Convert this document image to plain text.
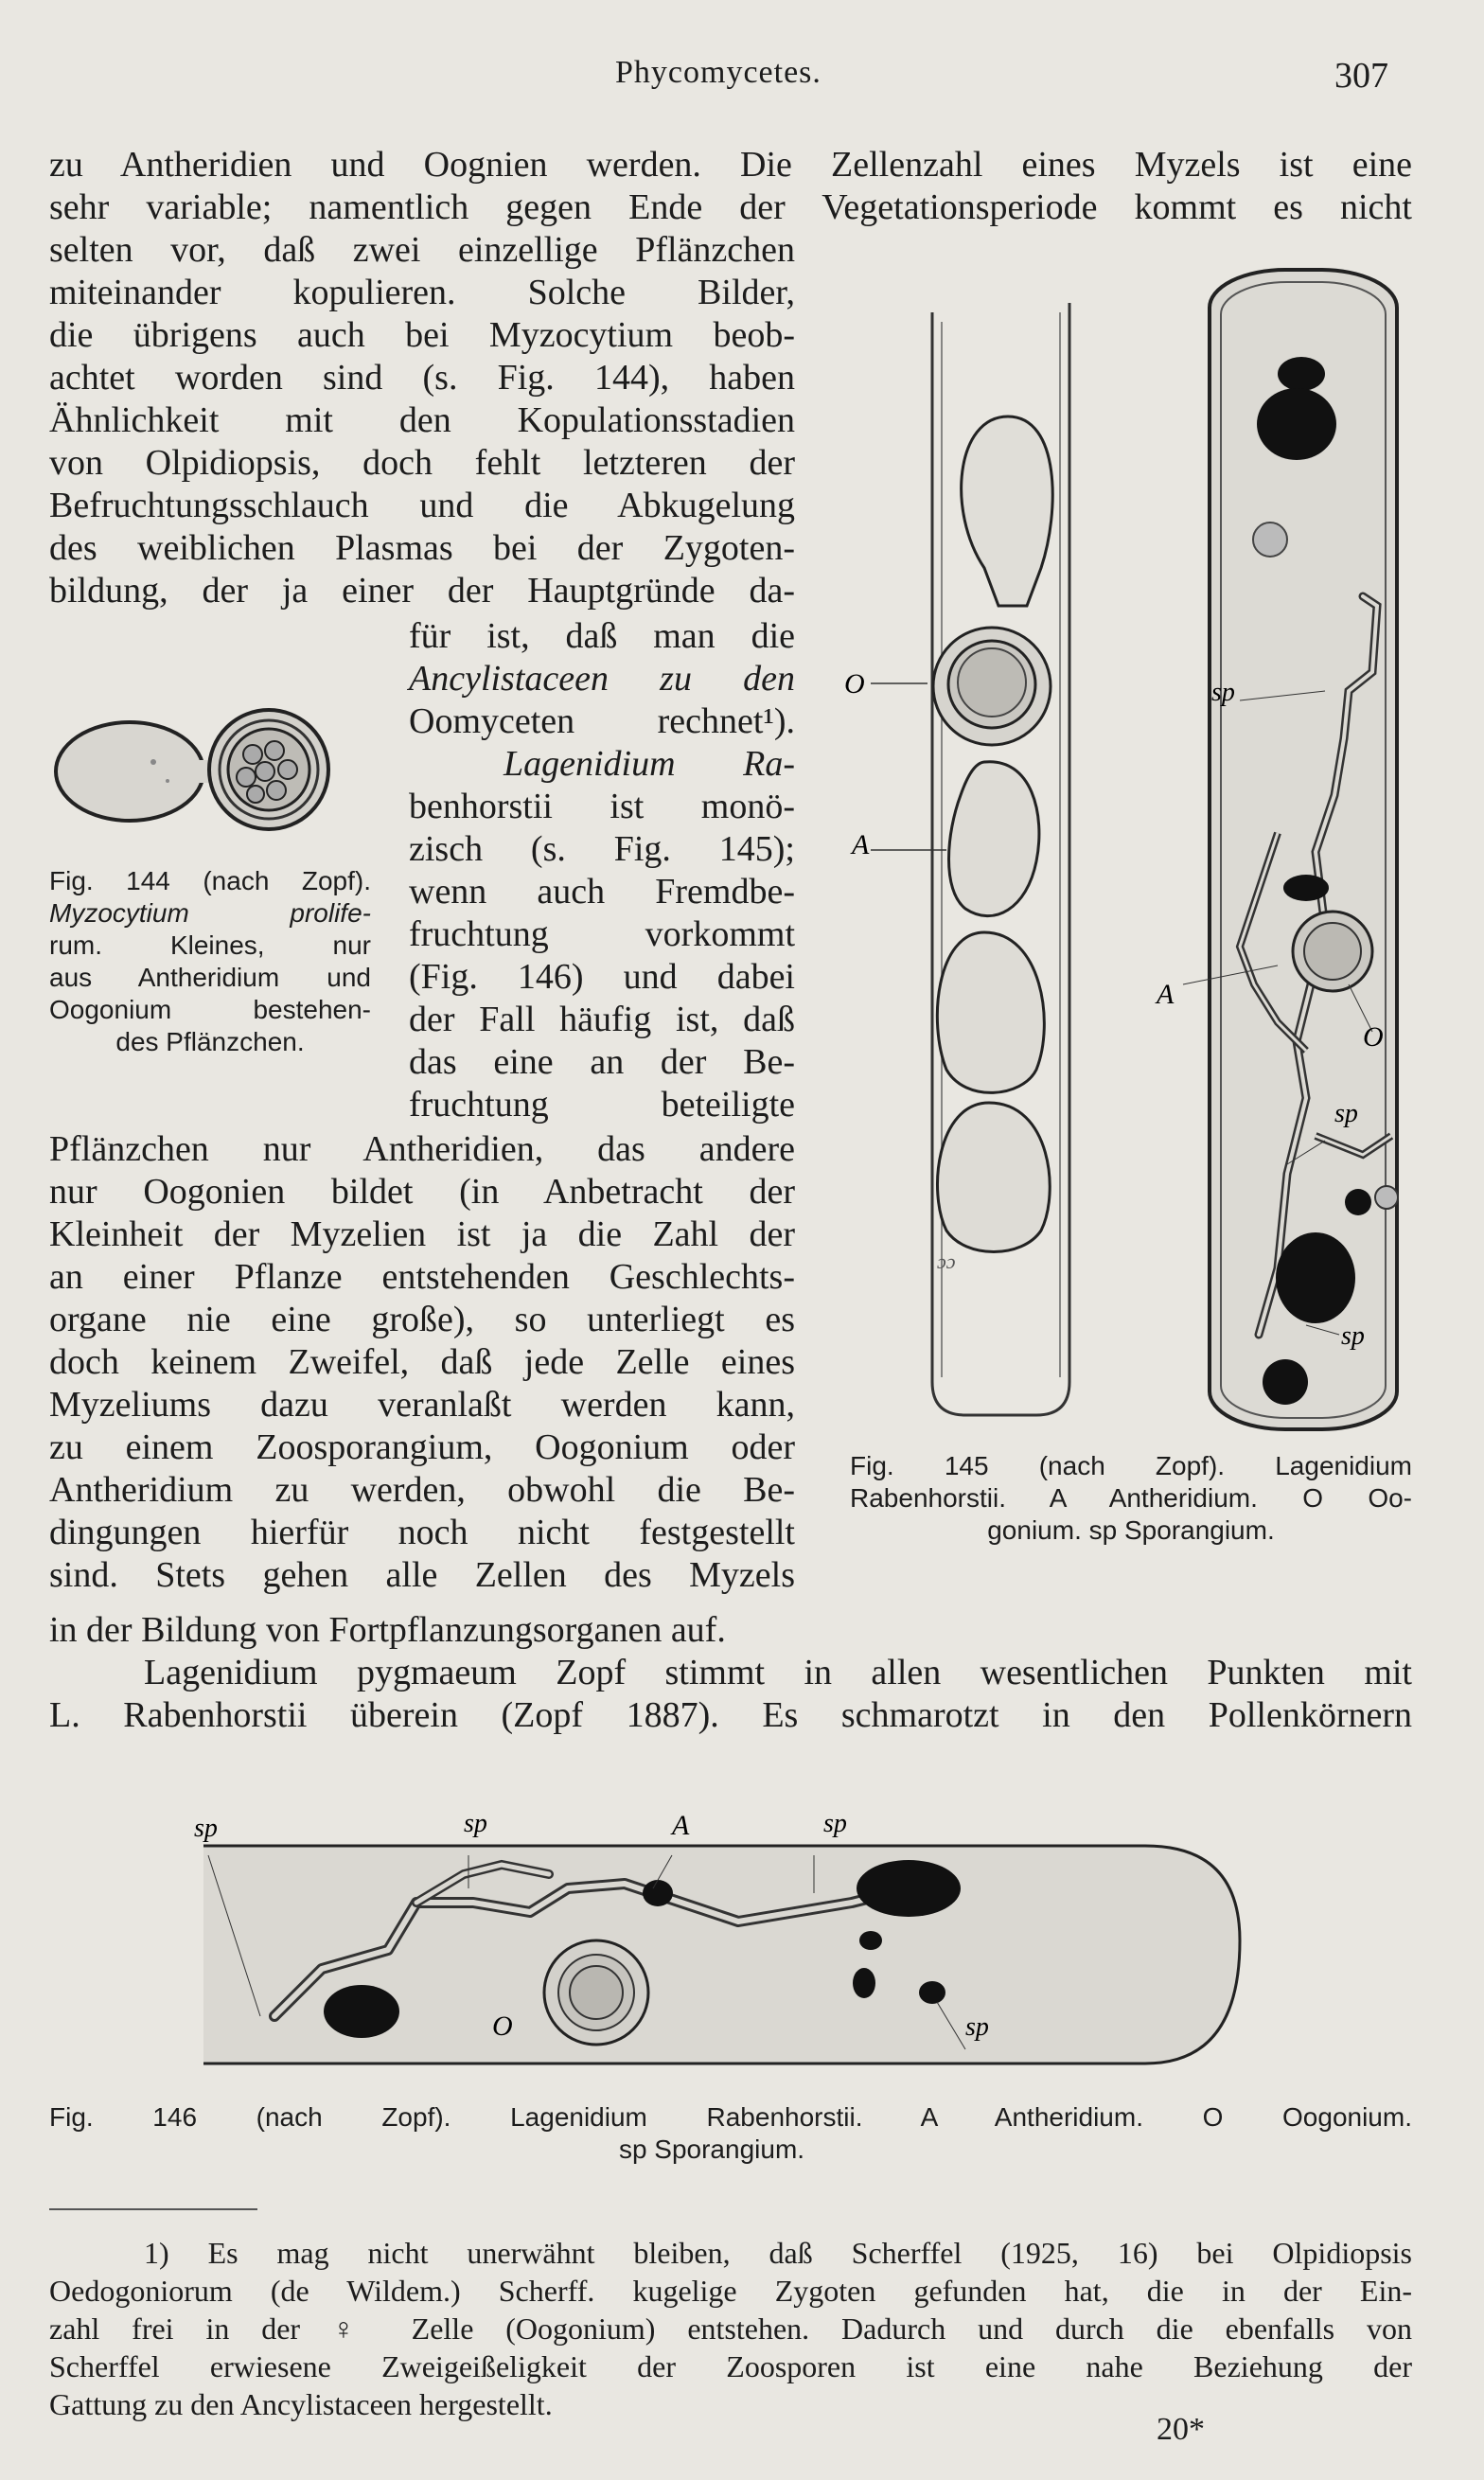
Phycomycetes.	307
zu Antheridien und Oognien werden. Die Zellenzahl eines Myzels ist eine
sehr variable; namentlich gegen Ende der Vegetationsperiode kommt es nicht
selten vor, daß zwei einzellige Pflänzchen
miteinander kopulieren. Solche Bilder,
die übrigens auch bei Myzocytium beob-
achtet worden sind (s. Fig. 144), haben
Ähnlichkeit mit den Kopulationsstadien
von Olpidiopsis, doch fehlt letzteren der
Befruchtungsschlauch und die Abkugelung
des weiblichen Plasmas bei der Zygoten-
bildung, der ja einer der Hauptgründe da-
für ist, daß man die
Ancylistaceen zu den
Oomyceten rechnet¹).
Lagenidium Ra-
benhorstii ist monö-
zisch (s. Fig. 145);
wenn auch Fremdbe-
fruchtung vorkommt
(Fig. 146) und dabei
der Fall häufig ist, daß
das eine an der Be-
fruchtung beteiligte
Pflänzchen nur Antheridien, das andere
nur Oogonien bildet (in Anbetracht der
Kleinheit der Myzelien ist ja die Zahl der
an einer Pflanze entstehenden Geschlechts-
organe nie eine große), so unterliegt es
doch keinem Zweifel, daß jede Zelle eines
Myzeliums dazu veranlaßt werden kann,
zu einem Zoosporangium, Oogonium oder
Antheridium zu werden, obwohl die Be-
dingungen hierfür noch nicht festgestellt
sind. Stets gehen alle Zellen des Myzels
in der Bildung von Fortpflanzungsorganen auf.
Lagenidium pygmaeum Zopf stimmt in allen wesentlichen Punkten mit
L. Rabenhorstii überein (Zopf 1887). Es schmarotzt in den Pollenkörnern
Fig. 144 (nach Zopf).
Myzocytium prolife-
rum. Kleines, nur
aus Antheridium und
Oogonium bestehen-
des Pflänzchen.
ɔɔ
O
A
sp
A
O
sp
sp
Fig. 145 (nach Zopf). Lagenidium
Rabenhorstii. A Antheridium. O Oo-
gonium. sp Sporangium.
sp	sp	A	sp
O	sp
Fig. 146 (nach Zopf). Lagenidium Rabenhorstii. A Antheridium. O Oogonium.
sp Sporangium.
1) Es mag nicht unerwähnt bleiben, daß Scherffel (1925, 16) bei Olpidiopsis
Oedogoniorum (de Wildem.) Scherff. kugelige Zygoten gefunden hat, die in der Ein-
zahl frei in der ♀ Zelle (Oogonium) entstehen. Dadurch und durch die ebenfalls von
Scherffel erwiesene Zweigeißeligkeit der Zoosporen ist eine nahe Beziehung der
Gattung zu den Ancylistaceen hergestellt.
20*
